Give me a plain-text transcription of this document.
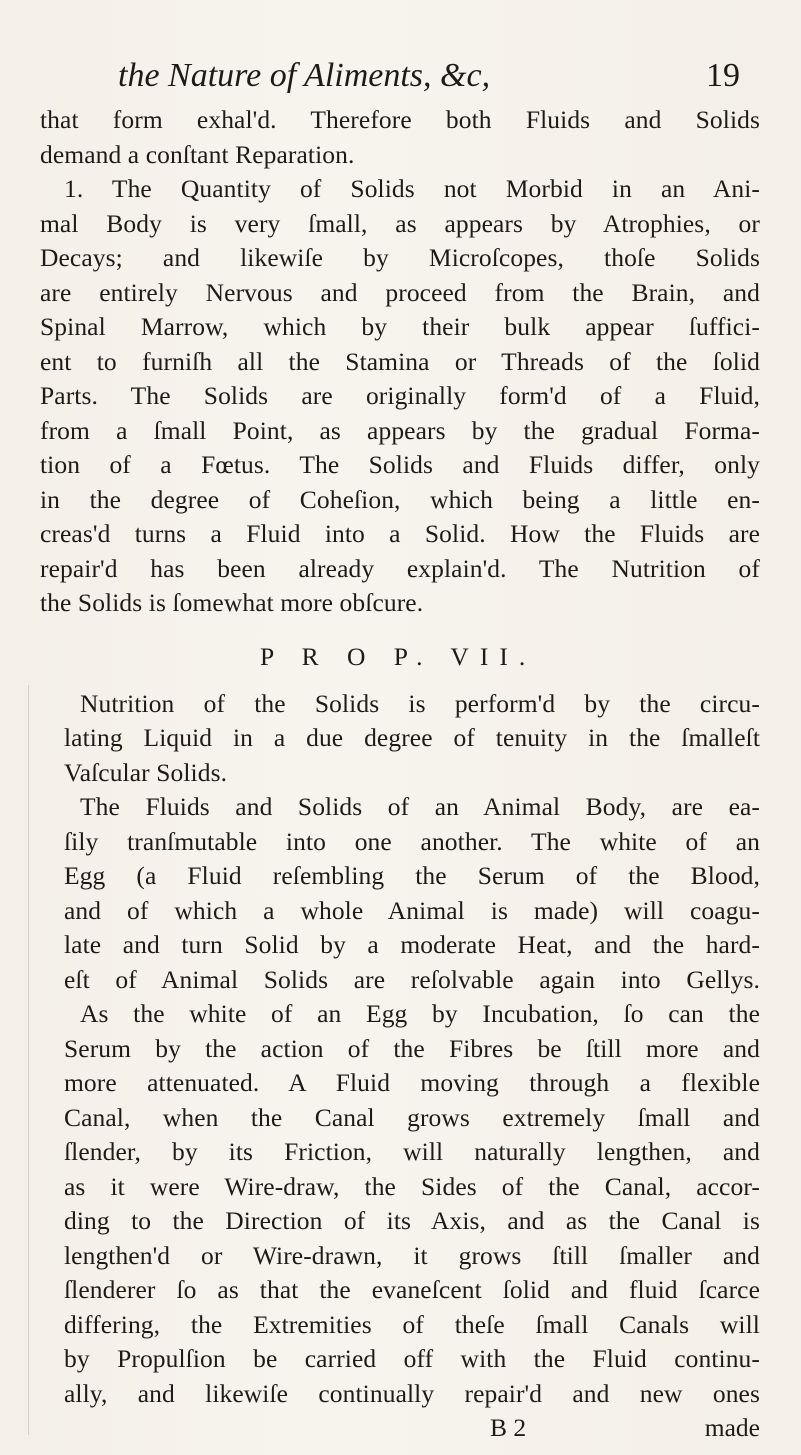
the Nature of Aliments, &c,	19
that form exhal'd. Therefore both Fluids and Solids
demand a conſtant Reparation.
1. The Quantity of Solids not Morbid in an Ani-
mal Body is very ſmall, as appears by Atrophies, or
Decays; and likewiſe by Microſcopes, thoſe Solids
are entirely Nervous and proceed from the Brain, and
Spinal Marrow, which by their bulk appear ſuffici-
ent to furniſh all the Stamina or Threads of the ſolid
Parts. The Solids are originally form'd of a Fluid,
from a ſmall Point, as appears by the gradual Forma-
tion of a Fœtus. The Solids and Fluids differ, only
in the degree of Coheſion, which being a little en-
creas'd turns a Fluid into a Solid. How the Fluids are
repair'd has been already explain'd. The Nutrition of
the Solids is ſomewhat more obſcure.
P R O P. VII.
Nutrition of the Solids is perform'd by the circu-
lating Liquid in a due degree of tenuity in the ſmalleſt
Vaſcular Solids.
The Fluids and Solids of an Animal Body, are ea-
ſily tranſmutable into one another. The white of an
Egg (a Fluid reſembling the Serum of the Blood,
and of which a whole Animal is made) will coagu-
late and turn Solid by a moderate Heat, and the hard-
eſt of Animal Solids are reſolvable again into Gellys.
As the white of an Egg by Incubation, ſo can the
Serum by the action of the Fibres be ſtill more and
more attenuated. A Fluid moving through a flexible
Canal, when the Canal grows extremely ſmall and
ſlender, by its Friction, will naturally lengthen, and
as it were Wire-draw, the Sides of the Canal, accor-
ding to the Direction of its Axis, and as the Canal is
lengthen'd or Wire-drawn, it grows ſtill ſmaller and
ſlenderer ſo as that the evaneſcent ſolid and fluid ſcarce
differing, the Extremities of theſe ſmall Canals will
by Propulſion be carried off with the Fluid continu-
ally, and likewiſe continually repair'd and new ones
B 2	made
